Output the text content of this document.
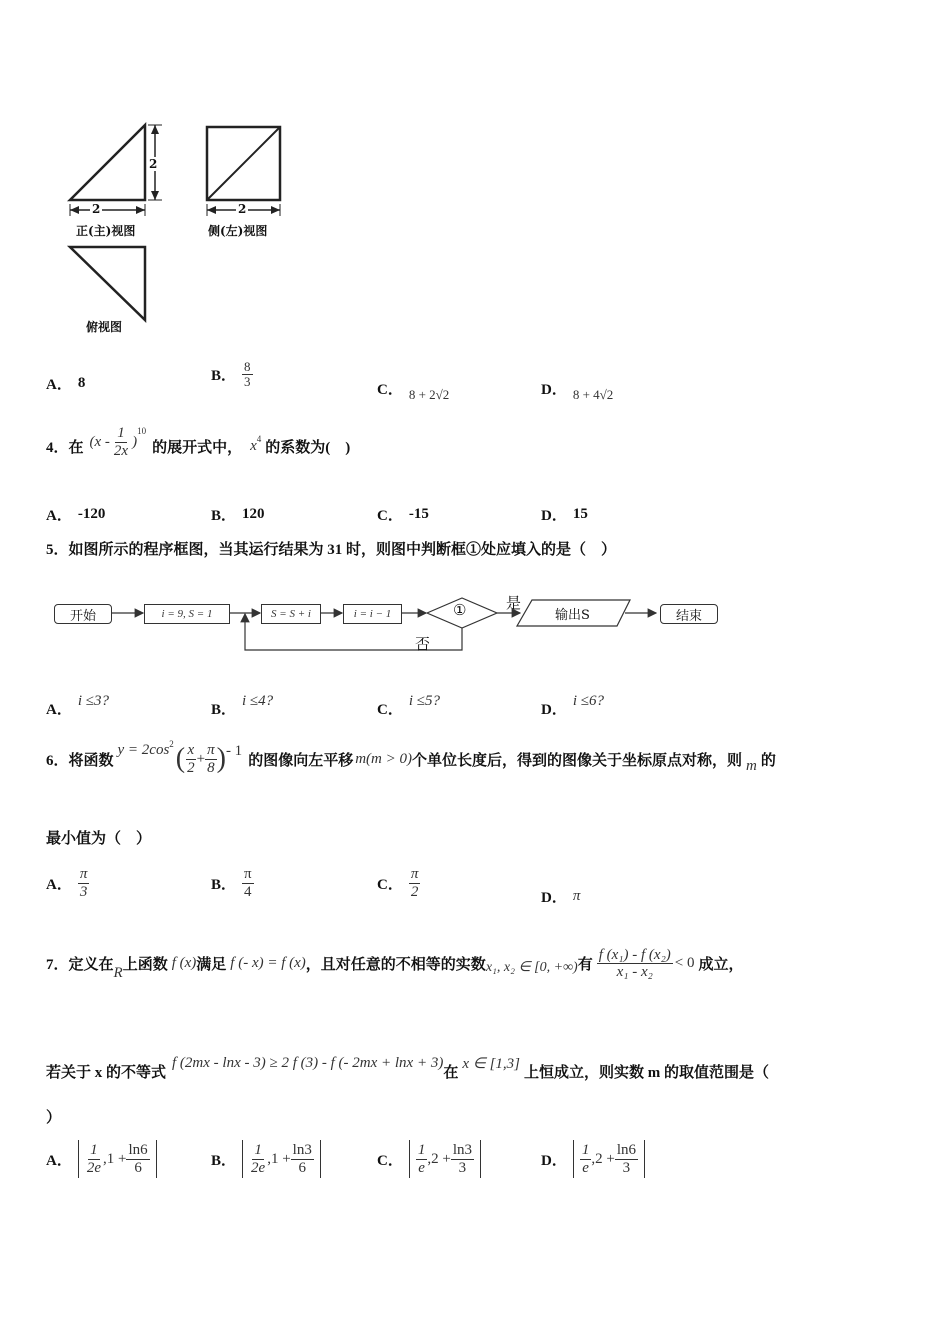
2
2
2
正(主)视图	侧(左)视图
俯视图
A． 8	B． $\frac{8}{3}$	C． 8 + 2√2	D． 8 + 4√2
4．在 ( x - $\frac{1}{2x}$ )
10
的展开式中， x 4
的系数为(　)
A． -120	B． 120	C． -15	D． 15
5．如图所示的程序框图，当其运行结果为 31 时，则图中判断框①处应填入的是（　）
开始	i = 9, S = 1	S = S + i	i = i − 1	①	是
否
输出S	结束
A．
i ≤3?
B．
i ≤4?
C．
i ≤5?
D．
i ≤6?
6．将函数
y = 2cos 2 ( $\frac{x}{2} + \frac{\pi}{8}$ ) - 1
的图像向左平移 m(m > 0) 个单位长度后，得到的图像关于坐标原点对称，则 m 的
最小值为（　）
A． $\frac{\pi}{3}$	B． $\frac{\pi}{4}$	C． $\frac{\pi}{2}$	D． π
7．定义在 R 上函数 f (x) 满足 f (- x) = f (x) ，且对任意的不相等的实数 x₁, x₂ ∈ [0, +∞) 有 $\frac{\text{f (x₁) - f (x₂)}}{\text{x₁ - x₂}} < 0$ 成立，
若关于 x 的不等式
f (2mx - lnx - 3) ≥ 2 f (3) - f (- 2mx + lnx + 3)
在
x ∈ [1,3]
上恒成立，则实数 m 的取值范围是（
）
A． $\frac{1}{2e} ,1 + \frac{\ln 6}{6}$	B． $\frac{1}{2e} ,1 + \frac{\ln 3}{6}$	C． $\frac{1}{e} ,2 + \frac{\ln 3}{3}$	D． $\frac{1}{e} ,2 + \frac{\ln 6}{3}$
